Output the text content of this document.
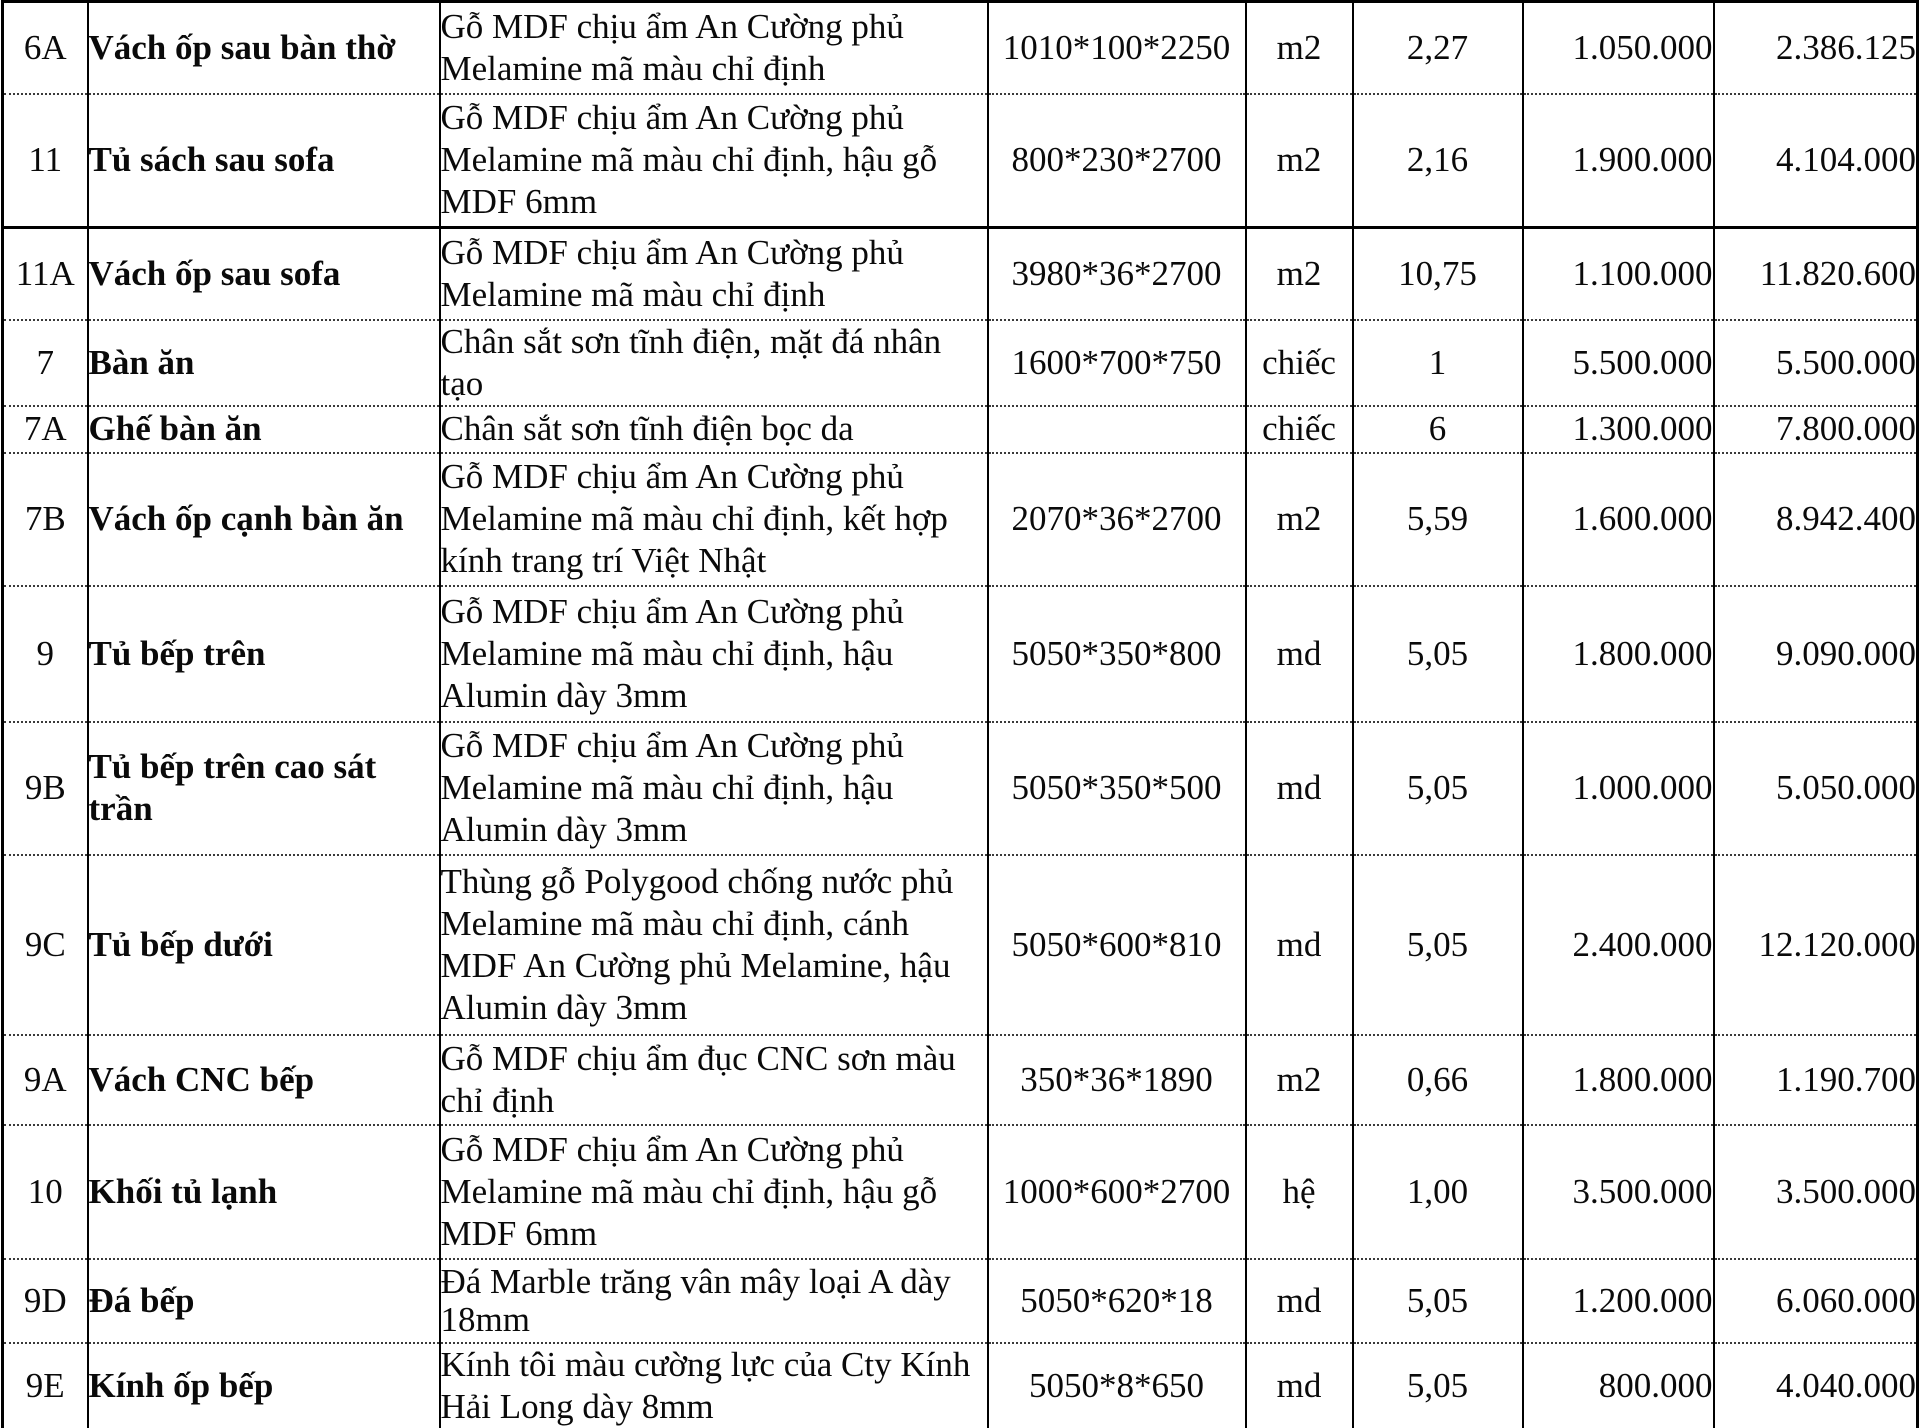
6A	Vách ốp sau bàn thờ	Gỗ MDF chịu ẩm An Cường phủ Melamine mã màu chỉ định	1010*100*2250	m2	2,27	1.050.000	2.386.125
11	Tủ sách sau sofa	Gỗ MDF chịu ẩm An Cường phủ Melamine mã màu chỉ định, hậu gỗ MDF 6mm	800*230*2700	m2	2,16	1.900.000	4.104.000
11A	Vách ốp sau sofa	Gỗ MDF chịu ẩm An Cường phủ Melamine mã màu chỉ định	3980*36*2700	m2	10,75	1.100.000	11.820.600
7	Bàn ăn	Chân sắt sơn tĩnh điện, mặt đá nhân tạo	1600*700*750	chiếc	1	5.500.000	5.500.000
7A	Ghế bàn ăn	Chân sắt sơn tĩnh điện bọc da		chiếc	6	1.300.000	7.800.000
7B	Vách ốp cạnh bàn ăn	Gỗ MDF chịu ẩm An Cường phủ Melamine mã màu chỉ định, kết hợp kính trang trí Việt Nhật	2070*36*2700	m2	5,59	1.600.000	8.942.400
9	Tủ bếp trên	Gỗ MDF chịu ẩm An Cường phủ Melamine mã màu chỉ định, hậu Alumin dày 3mm	5050*350*800	md	5,05	1.800.000	9.090.000
9B	Tủ bếp trên cao sát trần	Gỗ MDF chịu ẩm An Cường phủ Melamine mã màu chỉ định, hậu Alumin dày 3mm	5050*350*500	md	5,05	1.000.000	5.050.000
9C	Tủ bếp dưới	Thùng gỗ Polygood chống nước phủ Melamine mã màu chỉ định, cánh MDF An Cường phủ Melamine, hậu Alumin dày 3mm	5050*600*810	md	5,05	2.400.000	12.120.000
9A	Vách CNC bếp	Gỗ MDF chịu ẩm đục CNC sơn màu chỉ định	350*36*1890	m2	0,66	1.800.000	1.190.700
10	Khối tủ lạnh	Gỗ MDF chịu ẩm An Cường phủ Melamine mã màu chỉ định, hậu gỗ MDF 6mm	1000*600*2700	hệ	1,00	3.500.000	3.500.000
9D	Đá bếp	Đá Marble trăng vân mây loại A dày 18mm	5050*620*18	md	5,05	1.200.000	6.060.000
9E	Kính ốp bếp	Kính tôi màu cường lực của Cty Kính Hải Long dày 8mm	5050*8*650	md	5,05	800.000	4.040.000
